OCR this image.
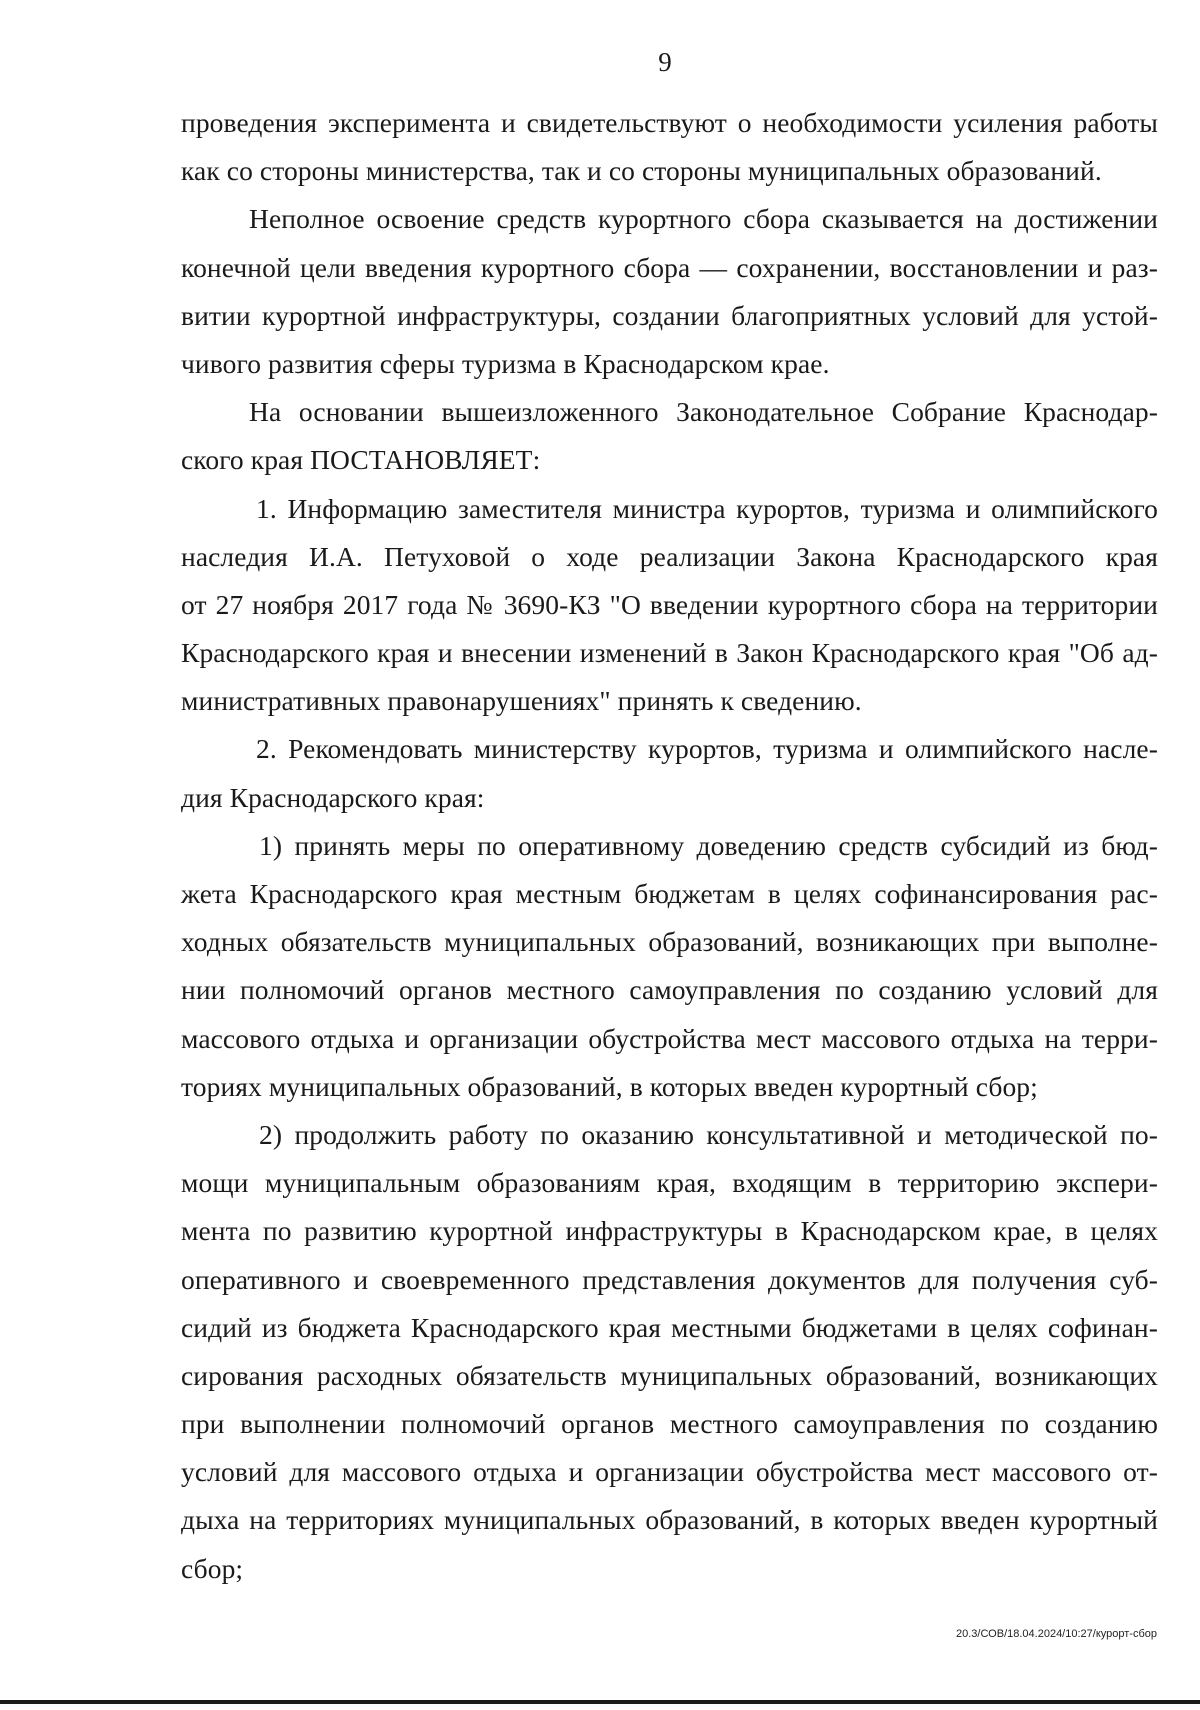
9
проведения эксперимента и свидетельствуют о необходимости усиления работы
как со стороны министерства, так и со стороны муниципальных образований.
Неполное освоение средств курортного сбора сказывается на достижении
конечной цели введения курортного сбора — сохранении, восстановлении и раз-
витии курортной инфраструктуры, создании благоприятных условий для устой-
чивого развития сферы туризма в Краснодарском крае.
На основании вышеизложенного Законодательное Собрание Краснодар-
ского края ПОСТАНОВЛЯЕТ:
1. Информацию заместителя министра курортов, туризма и олимпийского
наследия И.А. Петуховой о ходе реализации Закона Краснодарского края
от 27 ноября 2017 года № 3690-КЗ "О введении курортного сбора на территории
Краснодарского края и внесении изменений в Закон Краснодарского края "Об ад-
министративных правонарушениях" принять к сведению.
2. Рекомендовать министерству курортов, туризма и олимпийского насле-
дия Краснодарского края:
1) принять меры по оперативному доведению средств субсидий из бюд-
жета Краснодарского края местным бюджетам в целях софинансирования рас-
ходных обязательств муниципальных образований, возникающих при выполне-
нии полномочий органов местного самоуправления по созданию условий для
массового отдыха и организации обустройства мест массового отдыха на терри-
ториях муниципальных образований, в которых введен курортный сбор;
2) продолжить работу по оказанию консультативной и методической по-
мощи муниципальным образованиям края, входящим в территорию экспери-
мента по развитию курортной инфраструктуры в Краснодарском крае, в целях
оперативного и своевременного представления документов для получения суб-
сидий из бюджета Краснодарского края местными бюджетами в целях софинан-
сирования расходных обязательств муниципальных образований, возникающих
при выполнении полномочий органов местного самоуправления по созданию
условий для массового отдыха и организации обустройства мест массового от-
дыха на территориях муниципальных образований, в которых введен курортный
сбор;
20.3/СОВ/18.04.2024/10:27/курорт-сбор
